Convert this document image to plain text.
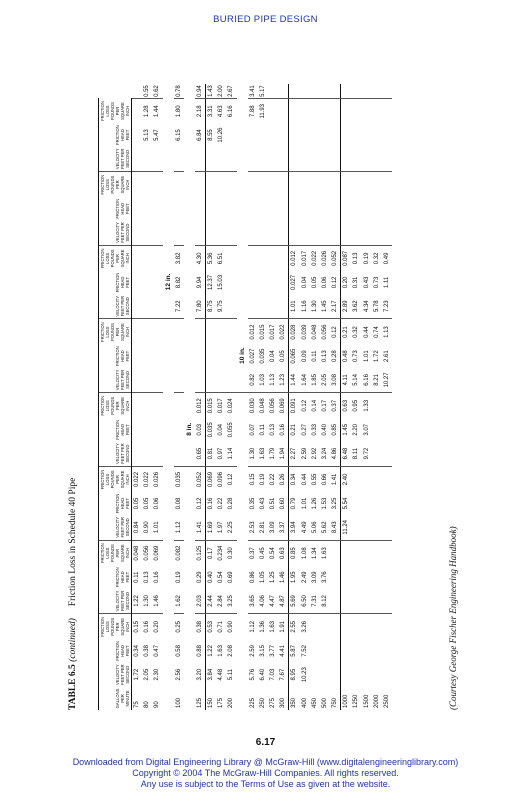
BURIED PIPE DESIGN
TABLE 6.5 (continued)     Friction Loss in Schedule 40 Pipe
GALLONS PER MINUTE	VELOCITY FEET PER SECOND	FRICTION HEAD FEET	FRICTION LOSS POUNDS PER SQUARE INCH	VELOCITY FEET PER SECOND	FRICTION HEAD FEET	FRICTION LOSS POUNDS PER SQUARE INCH	VELOCITY FEET PER SECOND	FRICTION HEAD FEET	FRICTION LOSS POUNDS PER SQUARE INCH	VELOCITY FEET PER SECOND	FRICTION HEAD FEET	FRICTION LOSS POUNDS PER SQUARE INCH	VELOCITY FEET PER SECOND	FRICTION HEAD FEET	FRICTION LOSS POUNDS PER SQUARE INCH	VELOCITY FEET PER SECOND	FRICTION HEAD FEET	FRICTION LOSS POUNDS PER SQUARE INCH	VELOCITY FEET PER SECOND	FRICTION HEAD FEET	FRICTION LOSS POUNDS PER SQUARE INCH	VELOCITY FEET PER SECOND	FRICTION HEAD FEET	FRICTION LOSS POUNDS PER SQUARE INCH		
75	1.72	0.34	0.15	1.22	0.11	0.048	0.84	0.05	0.022																	
80	2.05	0.38	0.16	1.30	0.13	0.056	0.90	0.05	0.022														5.13	1.28	0.55	
90	2.30	0.47	0.20	1.46	0.16	0.069	1.01	0.06	0.026														5.47	1.44	0.62	
																12 in.										
100	2.56	0.58	0.25	1.62	0.19	0.082	1.12	0.08	0.035							7.22	8.82	3.82					6.15	1.80	0.78	
										8 in.																
125	3.20	0.88	0.38	2.03	0.29	0.125	1.41	0.12	0.052	0.65	0.03	0.012				7.80	9.94	4.30					6.84	2.18	0.94	
150	3.84	1.22	0.53	2.44	0.40	0.17	1.69	0.16	0.069	0.81	0.035	0.015				8.75	12.37	5.36					8.55	3.31	1.43	
175	4.48	1.63	0.71	2.84	0.54	0.234	1.97	0.22	0.096	0.97	0.04	0.017				9.75	15.03	6.51					10.26	4.63	2.00	
200	5.11	2.08	0.90	3.25	0.69	0.30	2.25	0.28	0.12	1.14	0.055	0.024												6.16	2.67	
													10 in.													
225	5.76	2.59	1.12	3.65	0.86	0.37	2.53	0.35	0.15	1.30	0.07	0.030	0.82	0.027	0.012									7.88	3.41	
250	6.40	3.15	1.36	4.06	1.05	0.45	2.81	0.43	0.19	1.63	0.11	0.048	1.03	0.035	0.015									11.93	5.17	
275	7.03	3.77	1.63	4.47	1.25	0.54	3.09	0.51	0.22	1.79	0.13	0.056	1.13	0.04	0.017											
300	7.67	4.41	1.91	4.87	1.46	0.63	3.37	0.60	0.26	1.94	0.16	0.069	1.23	0.05	0.022											
350	8.95	5.87	2.55	5.69	1.95	0.85	3.94	0.79	0.34	2.27	0.21	0.091	1.44	0.065	0.028	1.01	0.027	0.012								
400	10.23	7.52	3.26	6.50	2.49	1.08	4.49	1.01	0.44	2.59	0.27	0.12	1.64	0.09	0.039	1.16	0.04	0.017								
450				7.31	3.09	1.34	5.06	1.26	0.55	2.92	0.33	0.14	1.85	0.11	0.048	1.30	0.05	0.022								
500				8.12	3.76	1.63	5.62	1.53	0.66	3.24	0.40	0.17	2.05	0.13	0.056	1.45	0.06	0.026								
750							8.43	3.25	1.41	4.86	0.85	0.37	3.08	0.28	0.12	2.17	0.12	0.052								
1000							11.24	5.54	2.40	6.48	1.45	0.63	4.11	0.48	0.21	2.89	0.20	0.087								
1250										8.11	2.20	0.95	5.14	0.73	0.32	3.62	0.31	0.13								
1500										9.72	3.07	1.33	6.16	1.01	0.44	4.34	0.43	0.19								
2000													8.21	1.72	0.74	5.78	0.73	0.32								
2500													10.27	2.61	1.13	7.23	1.11	0.49								
(Courtesy George Fischer Engineering Handbook)
6.17
Downloaded from Digital Engineering Library @ McGraw-Hill (www.digitalengineeringlibrary.com)
Copyright © 2004 The McGraw-Hill Companies. All rights reserved.
Any use is subject to the Terms of Use as given at the website.
